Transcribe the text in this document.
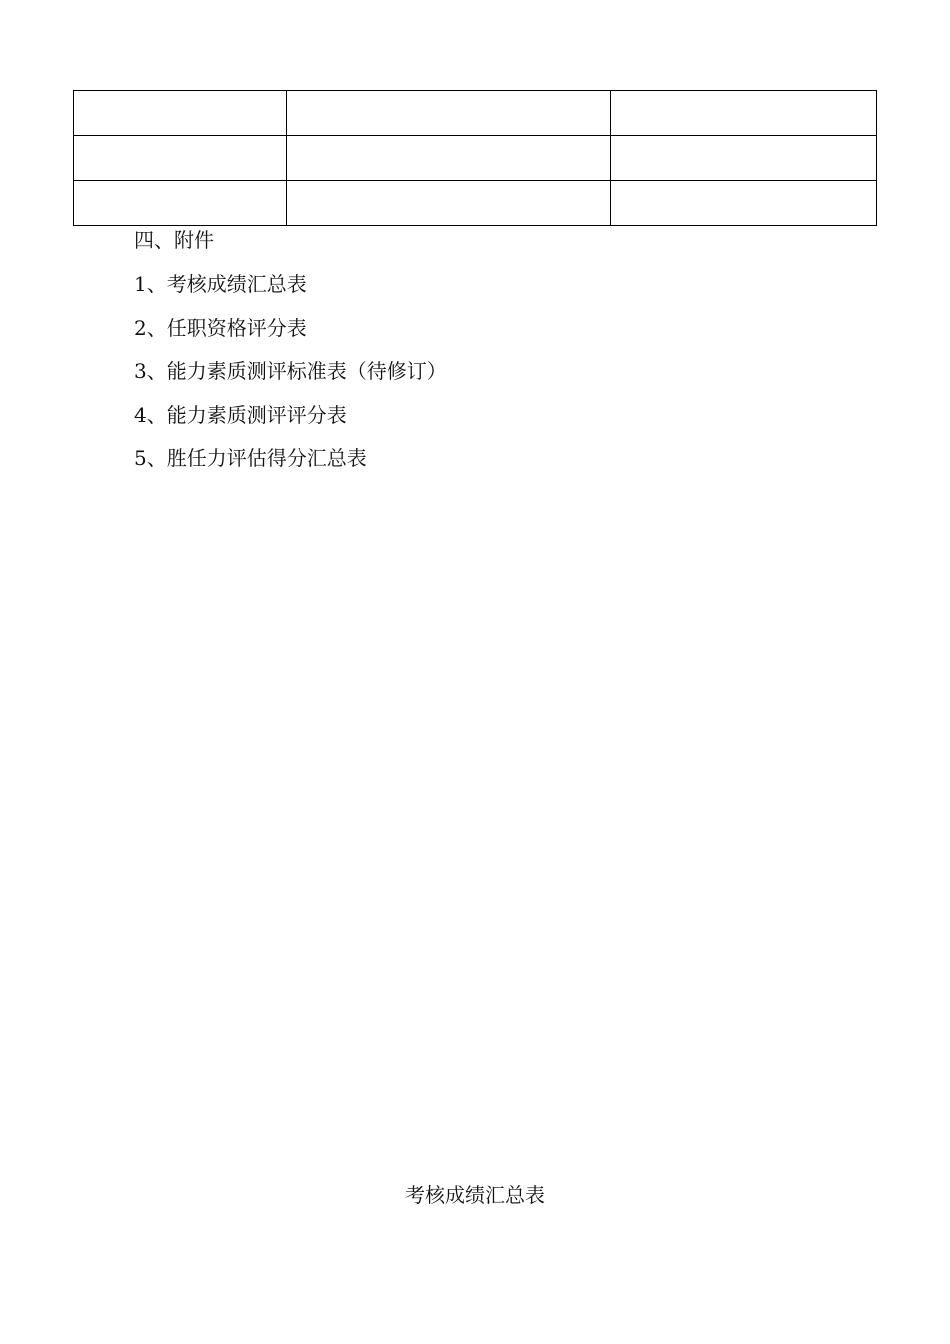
四、附件
1、考核成绩汇总表
2、任职资格评分表
3、能力素质测评标准表（待修订）
4、能力素质测评评分表
5、胜任力评估得分汇总表
考核成绩汇总表
